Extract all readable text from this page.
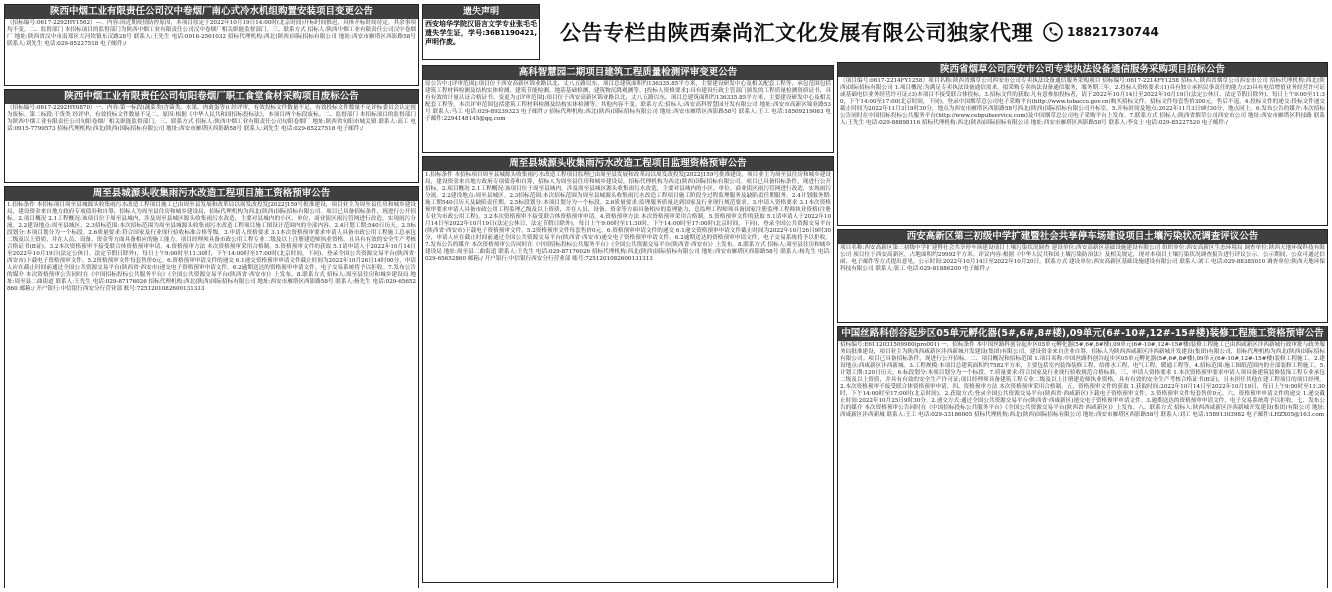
陕西中烟工业有限责任公司汉中卷烟厂南心式冷水机组购置安装项目变更公告
（招标编号:0617-2292HY1562）—、内容:因近期疫情防控原因，本项目原定于2022年10月19日14:00时(北京时间)开标时间推迟，具体开标时间待定，其余事项均不变。二、监督部门 本招标项目的监督部门为陕西中烟工业有限责任公司汉中卷烟厂相关职能监督部门。三、联系方式 招标人:陕西中烟工业有限责任公司汉中卷烟厂 地址:陕西省汉中市南郑区大河坎镇东汉路28号 联系人:王先生 电话:0916-2561032 招标代理机构:西北(陕西)国际招标有限公司 地址:西安市雁塔区西影路58号 联系人:刘先生 电话:029-85227518 电子邮件:/
陕西中烟工业有限责任公司旬阳卷烟厂职工食堂食材采购项目废标公告
（招标编号:0617-2292HY0870）一、内容:第一标段(蔬菜类(含菌类、水果、肉禽蛋等)) 经评审，有效投标文件数量不足，有效投标文件数量不足评标委员会认定视为废标。第二标段:干货类 经评审，有效投标文件数量不足二、原因:根据《中华人民共和国招标投标法》，本项目两个标段废标。二、监督部门 本招标项目的监督部门为陕西中烟工业有限责任公司旬阳卷烟厂相关职能监督部门。三、联系方式 招标人:陕西中烟工业有限责任公司旬阳卷烟厂 地址:陕西省旬阳市城关镇 联系人:高工 电话:0915-7799573 招标代理机构:西北(陕西)国际招标有限公司 地址:西安市雁塔区西影路58号 联系人:刘先生 电话:029-85227518 电子邮件:/
周至县城源头收集雨污水改造工程项目施工资格预审公告
1.招标条件 本招标项目周至县城源头收集雨污水改造工程项目施工已由周至县发展和改革局以周发改投发[2022]159号批准建设，项目业主为周至县住房和城乡建设局，建设资金来自地方政府专项债券和自筹，招标人为周至县住房和城乡建设局，招标代理机构为西北(陕西)国际招标有限公司。项目已具备招标条件，现进行公开招标。2.项目概况 2.1工程概况:该项目位于周至县城内，涉及周至县城区源头收集雨污水改造，主要对县城内的小区、单位、商业街区雨污管网进行改造，实现雨污分流。2.2建设地点:周至县城区。2.3招标范围:本次招标范围为周至县城源头收集雨污水改造工程项目施工图设计范围内的全部内容。2.4计划工期:540日历天。2.5标段划分:本项目划分为一个标段。2.6质量要求:符合国家及行业现行验收标准合格等级。3.申请人资格要求 3.1本次资格预审要求申请人具备市政公用工程施工总承包二级及以上资质，并在人员、设备、资金等方面具备相应的施工能力，项目经理须具备市政公用工程专业二级及以上注册建造师执业资格，且具有有效的安全生产考核合格证书(B证)。3.2本次资格预审不接受联合体资格预审申请。4.资格预审方法 本次资格预审采用合格制。5.资格预审文件的获取 5.1请申请人于2022年10月14日至2022年10月19日(法定公休日、法定节假日除外)，每日上午9:00时至11:30时，下午14:00时至17:00时(北京时间，下同)，登录全国公共资源交易平台(陕西省·西安市)下载电子资格预审文件。5.2资格预审文件每套售价0元。6.资格预审申请文件的递交 6.1递交资格预审申请文件截止时间为2022年10月26日14时00分，申请人应在截止时间前通过全国公共资源交易平台(陕西省·西安市)递交电子资格预审申请文件。6.2逾期送达的资格预审申请文件，电子交易系统将予以拒收。7.发布公告的媒介 本次资格预审公告同时在《中国招标投标公共服务平台》《全国公共资源交易平台(陕西省·西安市)》上发布。8.联系方式 招标人:周至县住房和城乡建设局 地址:周至县二曲街道 联系人:王先生 电话:029-87176026 招标代理机构:西北(陕西)国际招标有限公司 地址:西安市雁塔区西影路58号 联系人:杨先生 电话:029-65652860 邮箱:/ 开户银行:中信银行西安分行营业部 账号:7251201082600131313
遗失声明
西安培华学院汉语言文学专业张毛毛遗失学生证，学号:36B1190421,声明作废。
高科智慧园二期项目建筑工程质量检测评审变更公告
原公告中:[评审范围]:项目位于西安高新区锦业路以北、丈八五路以东，项目总建筑面积约136335.85平方米，主要建设研发中心及相关配套工程等，承包范围包括建筑工程材料检测及结构实体检测、建筑节能检测、地基基础检测、建筑物沉降观测等。[投标人资格要求]:具有建设行政主管部门颁发的工程质量检测资质证书，具有有效的计量认证合格证书。变更为:[评审范围]:项目位于西安高新区锦业路以北，丈八五路以东，项目总建筑面积约136335.85平方米，主要建设研发中心及相关配套工程等。本次评审范围包括建筑工程材料检测及结构实体检测等。其他内容不变。联系方式:招标人:西安高科智慧园开发有限公司 地址:西安市高新区锦业路53号 联系人:马工 电话:029-89239323 电子邮件:/ 招标代理机构:西北(陕西)国际招标有限公司 地址:西安市雁塔区西影路58号 联系人:王工 电话:18509219063 电子邮件:2294148145@qq.com
周至县城源头收集雨污水改造工程项目监理资格预审公告
1.招标条件 本招标项目周至县城源头收集雨污水改造工程项目监理已由周至县发展和改革局以周发改投发[2022]159号批准建设，项目业主为周至县住房和城乡建设局，建设资金来自地方政府专项债券和自筹，招标人为周至县住房和城乡建设局，招标代理机构为西北(陕西)国际招标有限公司。项目已具备招标条件，现进行公开招标。2.项目概况 2.1工程概况:该项目位于周至县城内，涉及周至县城区源头收集雨污水改造，主要对县城内的小区、单位、商业街区雨污管网进行改造，实现雨污分流。2.2建设地点:周至县城区。2.3招标范围:本次招标范围为周至县城源头收集雨污水改造工程项目施工阶段全过程监理服务及缺陷责任期服务。2.4计划服务期:施工期540日历天及缺陷责任期。2.5标段划分:本项目划分为一个标段。2.6质量要求:监理服务质量达到国家及行业现行规范要求。3.申请人资格要求 3.1本次资格预审要求申请人具备市政公用工程监理乙级及以上资质，并在人员、设备、资金等方面具备相应的监理能力，总监理工程师须具备国家注册监理工程师执业资格(注册专业为市政公用工程)。3.2本次资格预审不接受联合体资格预审申请。4.资格预审方法 本次资格预审采用合格制。5.资格预审文件的获取 5.1请申请人于2022年10月14日至2022年10月19日(法定公休日、法定节假日除外)，每日上午9:00时至11:30时，下午14:00时至17:00时(北京时间，下同)，登录全国公共资源交易平台(陕西省·西安市)下载电子资格预审文件。5.2资格预审文件每套售价0元。6.资格预审申请文件的递交 6.1递交资格预审申请文件截止时间为2022年10月26日9时30分，申请人应在截止时间前通过全国公共资源交易平台(陕西省·西安市)递交电子资格预审申请文件。6.2逾期送达的资格预审申请文件，电子交易系统将予以拒收。7.发布公告的媒介 本次资格预审公告同时在《中国招标投标公共服务平台》《全国公共资源交易平台(陕西省·西安市)》上发布。8.联系方式 招标人:周至县住房和城乡建设局 地址:周至县二曲街道 联系人:王先生 电话:029-87176026 招标代理机构:西北(陕西)国际招标有限公司 地址:西安市雁塔区西影路58号 联系人:杨先生 电话:029-65652860 邮箱:/ 开户银行:中信银行西安分行营业部 账号:7251201082600131313
陕西省烟草公司西安市公司专卖执法设备通信服务采购项目招标公告
（项目编号:0617-2214FY1258）项目名称:陕西省烟草公司西安市公司专卖执法设备通信服务采购项目 招标编号:0617-2214FY1258 招标人:陕西省烟草公司西安市公司 招标代理机构:西北(陕西)国际招标有限公司 1.项目概况:为满足专卖执法设备通信需求，拟采购专卖执法设备通信服务，服务期三年。2.投标人资格要求:(1)具有独立承担民事责任的能力;(2)具有电信增值业务经营许可证或基础电信业务经营许可证;(3)本项目不接受联合体投标。3.招标文件的获取:凡有意参加投标者，请于2022年10月14日至2022年10月19日(法定公休日、法定节假日除外)，每日上午9:00至11:30，下午14:00至17:00(北京时间，下同)，登录中国烟草总公司电子采购平台(http://www.tobacco.gov.cn)购买招标文件。招标文件每套售价300元，售后不退。4.投标文件的递交:投标文件递交截止时间为2022年11月3日9时30分，地点为西安市雁塔区西影路58号西北(陕西)国际招标有限公司开标室。5.开标时间及地点:2022年11月3日9时30分，地点同上。6.发布公告的媒介:本次招标公告同时在中国招标投标公共服务平台(http://www.cebpubservice.com)及中国烟草总公司电子采购平台上发布。7.联系方式 招标人:陕西省烟草公司西安市公司 地址:西安市雁塔区科技路 联系人:王先生 电话:029-88898116 招标代理机构:西北(陕西)国际招标有限公司 地址:西安市雁塔区西影路58号 联系人:李女士 电话:029-85227520 电子邮件:/
西安高新区第三初级中学扩建暨社会共享停车场建设项目土壤污染状况调查评议公告
项目名称:西安高新区第三初级中学扩建暨社会共享停车场建设项目土壤污染状况调查 建设单位:西安高新区基础设施建设有限公司 组织单位:西安高新区生态环境局 调查单位:陕西天地环保科技有限公司 项目位于西安高新区，占地面积约29992平方米。评议内容:根据《中华人民共和国土壤污染防治法》及相关规定，现对本项目土壤污染状况调查报告进行评议公示。公示期间，公众可通过信函、电子邮件等方式提出意见。公示时间:2022年10月14日至2022年10月20日。联系方式 建设单位:西安高新区基础设施建设有限公司 联系人:刘工 电话:029-88385010 调查单位:陕西天地环保科技有限公司 联系人:张工 电话:029-81886200 电子邮件:/
中国丝路科创谷起步区05单元孵化器(5#,6#,8#楼),09单元(6#-10#,12#-15#楼)装修工程施工资格预审公告
招标编号:E6112031509980(pro001) 一、招标条件 本中国丝路科创谷起步区05单元孵化器(5#,6#,8#楼),09单元(6#-10#,12#-15#楼)装修工程施工已由西咸新区沣西新城行政审批与政务服务局批准建设，项目业主为陕西西咸新区沣西新城开发建设(集团)有限公司，建设资金来自企业自筹，招标人为陕西西咸新区沣西新城开发建设(集团)有限公司，招标代理机构为西北(陕西)国际招标有限公司。项目已具备招标条件，现进行公开招标。二、项目概况和招标范围 1.项目名称:中国丝路科创谷起步区05单元孵化器(5#,6#,8#楼),09单元(6#-10#,12#-15#楼)装修工程施工。2.建设地点:西咸新区沣西新城。3.工程规模:本项目总建筑面积约7582平方米，主要包括室内装饰装修工程、给排水工程、电气工程、暖通工程等。4.招标范围:施工图纸范围内的全部装修工程施工。5.计划工期:120日历天。6.标段划分:本项目划分为一个标段。7.质量要求:符合国家及行业现行验收规范合格标准。三、申请人资格要求 1.本次资格预审要求申请人须具备建筑装修装饰工程专业承包二级及以上资质，并具有有效的安全生产许可证;项目经理须具备建筑工程专业二级及以上注册建造师执业资格，具有有效的安全生产考核合格证书(B证)，且未担任其他在建工程项目的项目经理。2.本次资格预审不接受联合体资格预审申请。四、资格预审方法 本次资格预审采用合格制。五、资格预审文件的获取 1.获取时间:2022年10月14日至2022年10月19日，每日上午9:00时至11:30时，下午14:00时至17:00时(北京时间)。2.获取方式:登录全国公共资源交易平台(陕西省·西咸新区)下载电子资格预审文件。3.资格预审文件每套售价0元。六、资格预审申请文件的递交 1.递交截止时间:2022年10月25日9时30分。2.递交方式:通过全国公共资源交易平台(陕西省·西咸新区)递交电子资格预审申请文件。3.逾期送达的资格预审申请文件，电子交易系统将予以拒收。七、发布公告的媒介 本次资格预审公告同时在《中国招标投标公共服务平台》《全国公共资源交易平台(陕西省·西咸新区)》上发布。八、联系方式 招标人:陕西西咸新区沣西新城开发建设(集团)有限公司 地址:西咸新区沣西新城 联系人:王工 电话:029-33186005 招标代理机构:西北(陕西)国际招标有限公司 地址:西安市雁塔区西影路58号 联系人:刘工 电话:15891303982 电子邮件:LHZX05@163.com
公告专栏由陕西秦尚汇文化发展有限公司独家代理	18821730744
